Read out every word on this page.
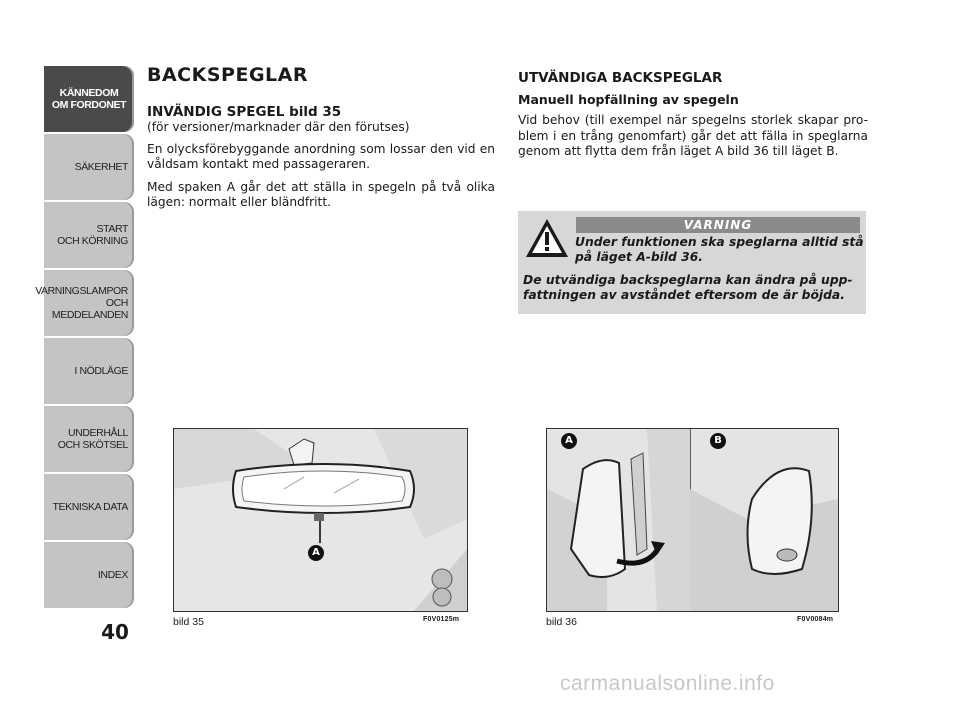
KÄNNEDOM
OM FORDONET
SÄKERHET
START
OCH KÖRNING
VARNINGSLAMPOR
OCH
MEDDELANDEN
I NÖDLÄGE
UNDERHÅLL
OCH SKÖTSEL
TEKNISKA DATA
INDEX
40
BACKSPEGLAR
INVÄNDIG SPEGEL bild 35

(för versioner/marknader där den förutses)

En olycksförebyggande anordning som lossar den vid en våldsam kontakt med passageraren.

Med spaken A går det att ställa in spegeln på två olika lägen: normalt eller bländfritt.

UTVÄNDIGA BACKSPEGLAR
Manuell hopfällning av spegeln

Vid behov (till exempel när spegelns storlek skapar pro-blem i en trång genomfart) går det att fälla in speglarna genom att flytta dem från läget A bild 36 till läget B.

VARNING
Under funktionen ska speglarna alltid stå på läget A-bild 36.
De utvändiga backspeglarna kan ändra på upp-fattningen av avståndet eftersom de är böjda.
A
bild 35	F0V0125m
A	B
bild 36	F0V0084m
carmanualsonline.info
